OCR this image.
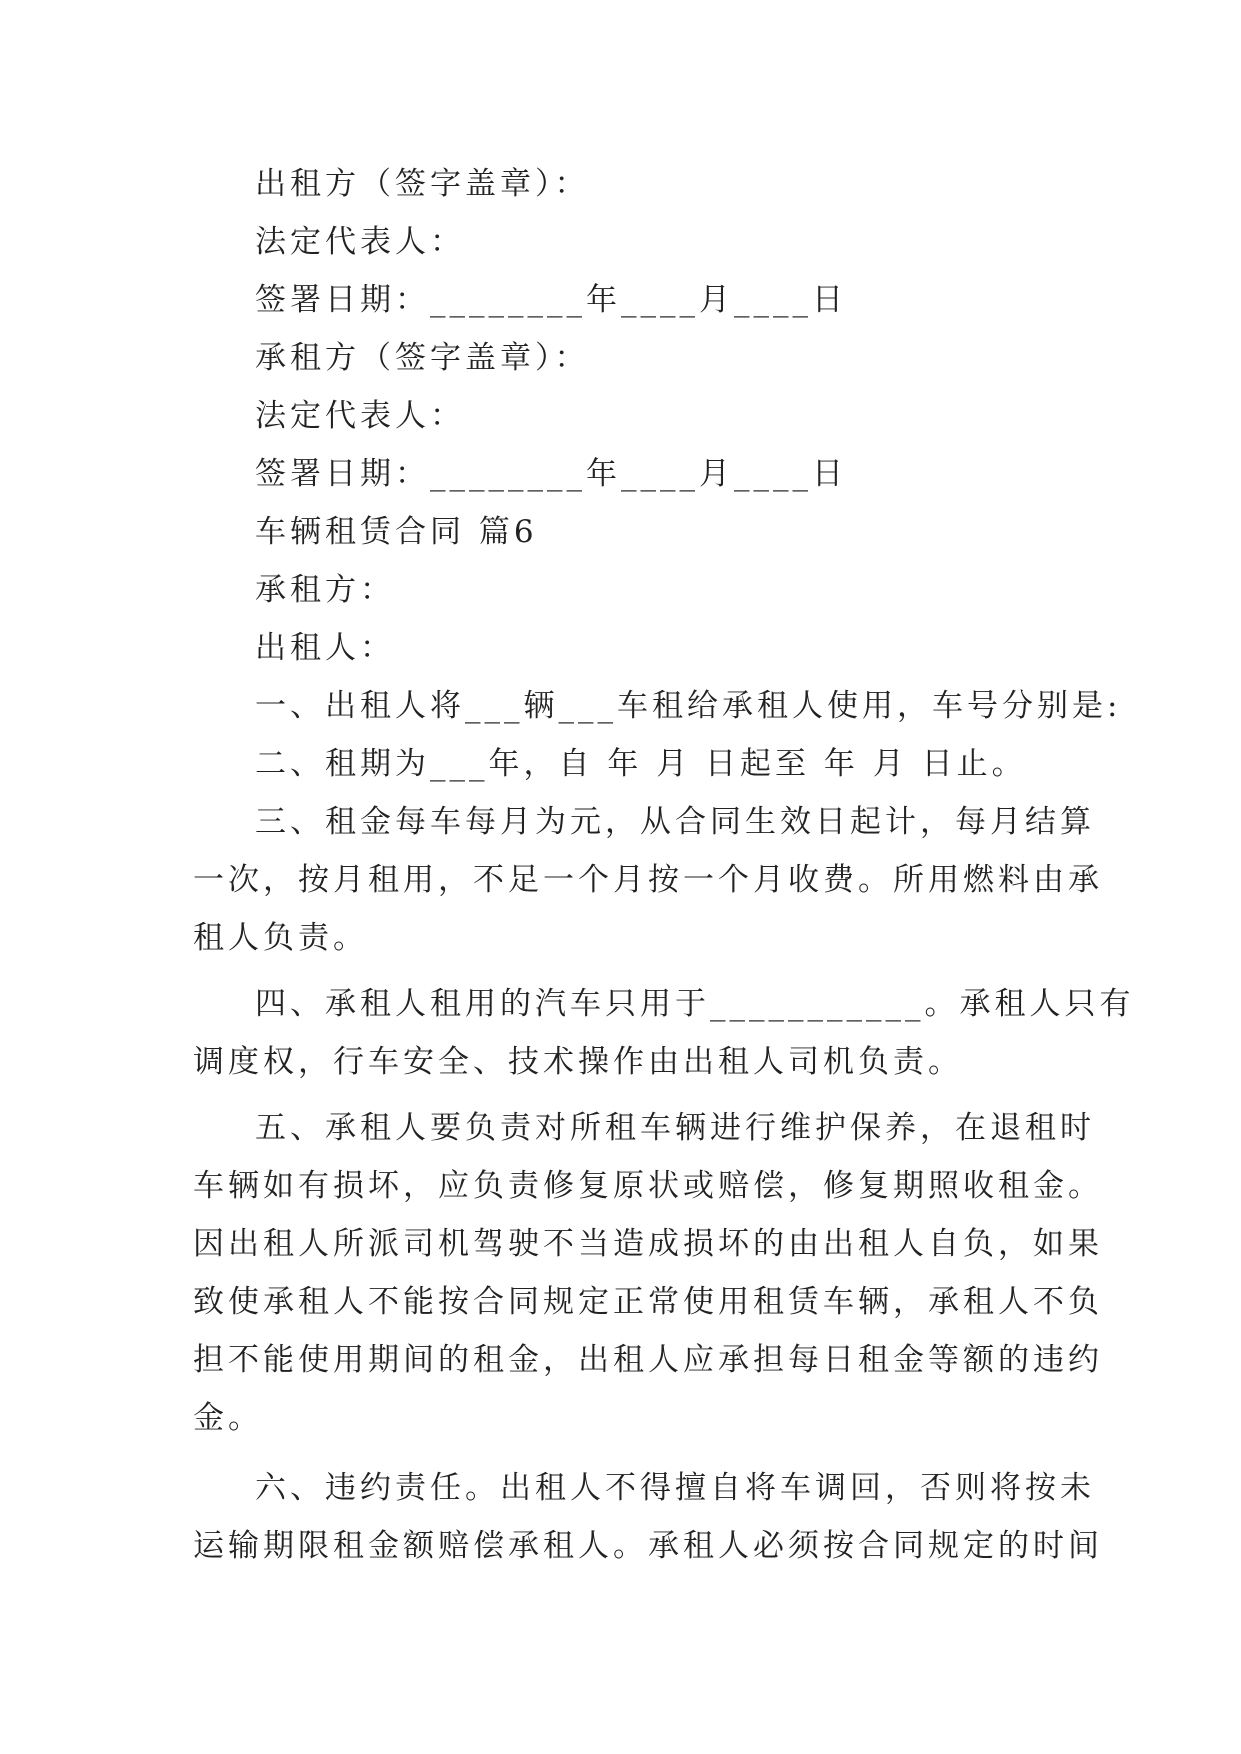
出租方（签字盖章）：
法定代表人：
签署日期：________年____月____日
承租方（签字盖章）：
法定代表人：
签署日期：________年____月____日
车辆租赁合同 篇6
承租方：
出租人：
一、出租人将___辆___车租给承租人使用，车号分别是:
二、租期为___年，自 年 月 日起至 年 月 日止。
三、租金每车每月为元，从合同生效日起计，每月结算
一次，按月租用，不足一个月按一个月收费。所用燃料由承
租人负责。
四、承租人租用的汽车只用于___________。承租人只有
调度权，行车安全、技术操作由出租人司机负责。
五、承租人要负责对所租车辆进行维护保养，在退租时
车辆如有损坏，应负责修复原状或赔偿，修复期照收租金。
因出租人所派司机驾驶不当造成损坏的由出租人自负，如果
致使承租人不能按合同规定正常使用租赁车辆，承租人不负
担不能使用期间的租金，出租人应承担每日租金等额的违约
金。
六、违约责任。出租人不得擅自将车调回，否则将按未
运输期限租金额赔偿承租人。承租人必须按合同规定的时间
